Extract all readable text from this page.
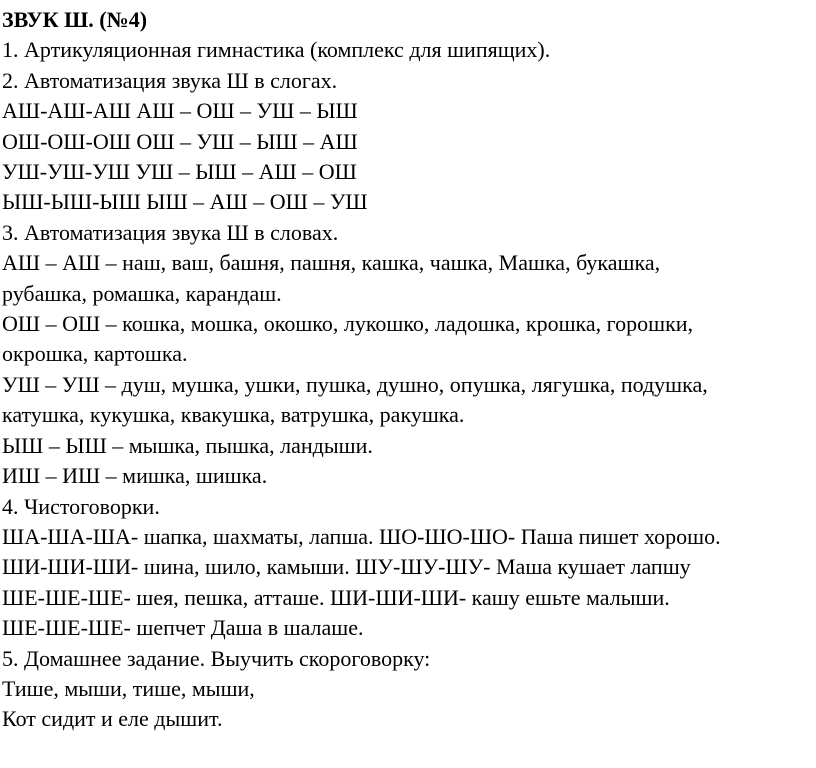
ЗВУК Ш. (№4)
1. Артикуляционная гимнастика (комплекс для шипящих).
2. Автоматизация звука Ш в слогах.
АШ-АШ-АШ АШ – ОШ – УШ – ЫШ
ОШ-ОШ-ОШ ОШ – УШ – ЫШ – АШ
УШ-УШ-УШ УШ – ЫШ – АШ – ОШ
ЫШ-ЫШ-ЫШ ЫШ – АШ – ОШ – УШ
3. Автоматизация звука Ш в словах.
АШ – АШ – наш, ваш, башня, пашня, кашка, чашка, Машка, букашка,
рубашка, ромашка, карандаш.
ОШ – ОШ – кошка, мошка, окошко, лукошко, ладошка, крошка, горошки,
окрошка, картошка.
УШ – УШ – душ, мушка, ушки, пушка, душно, опушка, лягушка, подушка,
катушка, кукушка, квакушка, ватрушка, ракушка.
ЫШ – ЫШ – мышка, пышка, ландыши.
ИШ – ИШ – мишка, шишка.
4. Чистоговорки.
ША-ША-ША- шапка, шахматы, лапша. ШО-ШО-ШО- Паша пишет хорошо.
ШИ-ШИ-ШИ- шина, шило, камыши. ШУ-ШУ-ШУ- Маша кушает лапшу
ШЕ-ШЕ-ШЕ- шея, пешка, атташе. ШИ-ШИ-ШИ- кашу ешьте малыши.
ШЕ-ШЕ-ШЕ- шепчет Даша в шалаше.
5. Домашнее задание. Выучить скороговорку:
Тише, мыши, тише, мыши,
Кот сидит и еле дышит.
